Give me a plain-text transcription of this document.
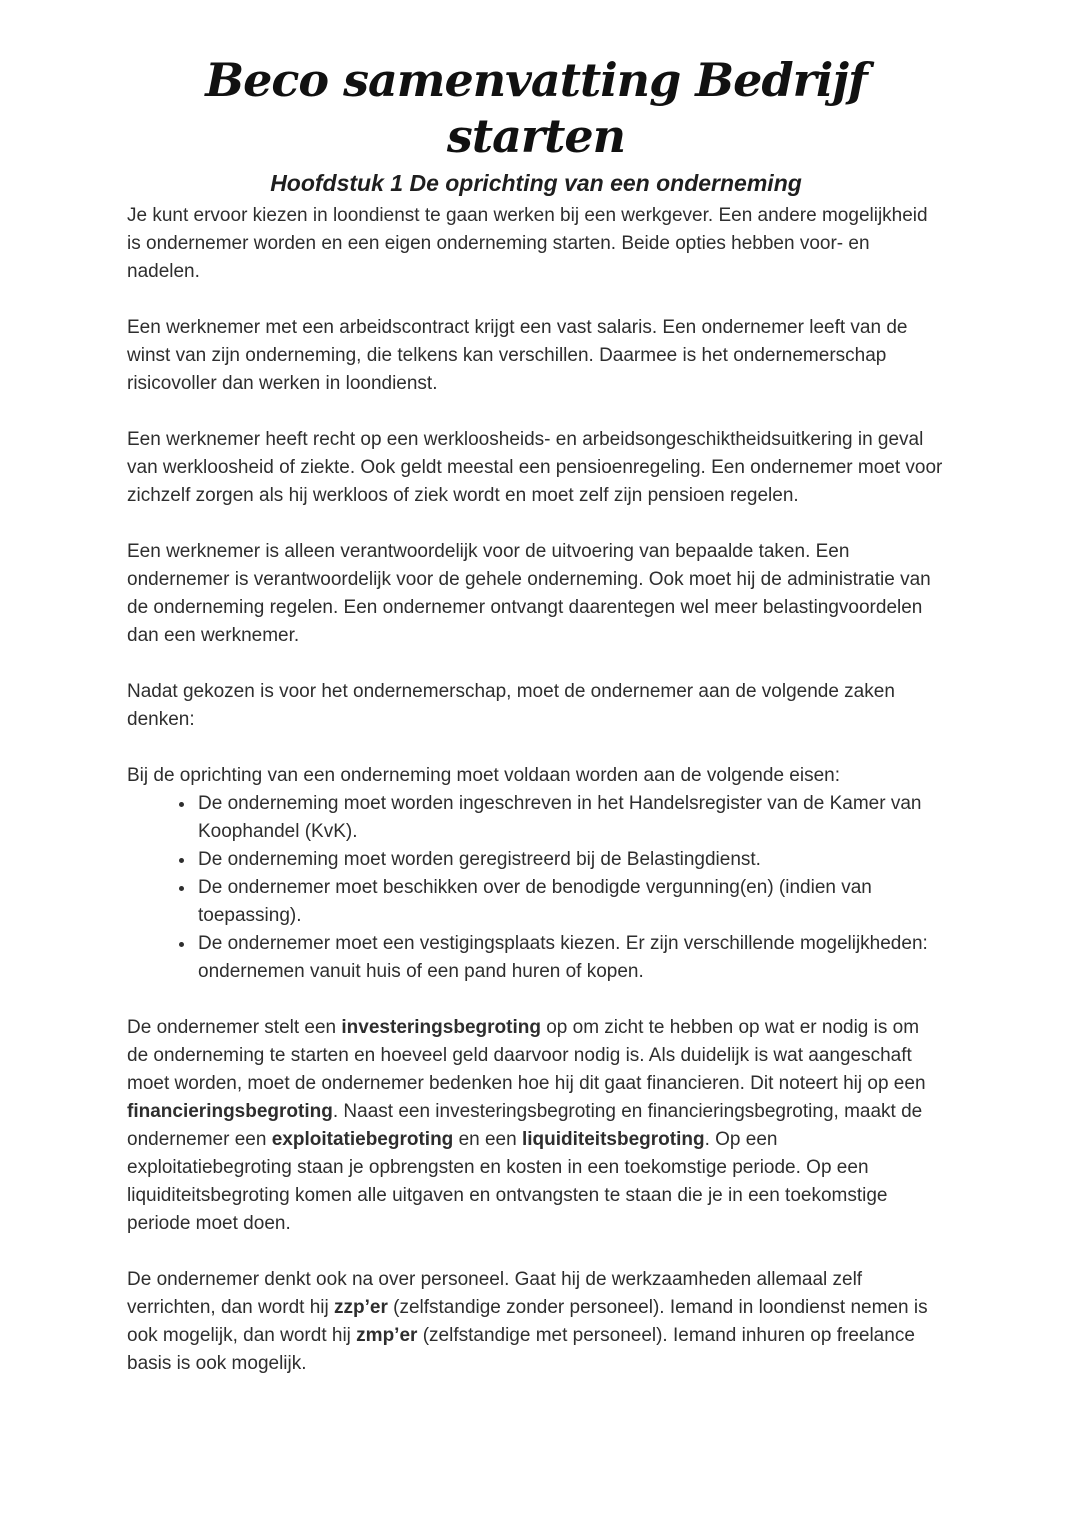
Beco samenvatting Bedrijf starten
Hoofdstuk 1 De oprichting van een onderneming

Je kunt ervoor kiezen in loondienst te gaan werken bij een werkgever. Een andere mogelijkheid is ondernemer worden en een eigen onderneming starten. Beide opties hebben voor- en nadelen.

Een werknemer met een arbeidscontract krijgt een vast salaris. Een ondernemer leeft van de winst van zijn onderneming, die telkens kan verschillen. Daarmee is het ondernemerschap risicovoller dan werken in loondienst.

Een werknemer heeft recht op een werkloosheids- en arbeidsongeschiktheidsuitkering in geval van werkloosheid of ziekte. Ook geldt meestal een pensioenregeling. Een ondernemer moet voor zichzelf zorgen als hij werkloos of ziek wordt en moet zelf zijn pensioen regelen.

Een werknemer is alleen verantwoordelijk voor de uitvoering van bepaalde taken. Een ondernemer is verantwoordelijk voor de gehele onderneming. Ook moet hij de administratie van de onderneming regelen. Een ondernemer ontvangt daarentegen wel meer belastingvoordelen dan een werknemer.

Nadat gekozen is voor het ondernemerschap, moet de ondernemer aan de volgende zaken denken:

Bij de oprichting van een onderneming moet voldaan worden aan de volgende eisen:

• De onderneming moet worden ingeschreven in het Handelsregister van de Kamer van Koophandel (KvK).
• De onderneming moet worden geregistreerd bij de Belastingdienst.
• De ondernemer moet beschikken over de benodigde vergunning(en) (indien van toepassing).
• De ondernemer moet een vestigingsplaats kiezen. Er zijn verschillende mogelijkheden: ondernemen vanuit huis of een pand huren of kopen.

De ondernemer stelt een investeringsbegroting op om zicht te hebben op wat er nodig is om de onderneming te starten en hoeveel geld daarvoor nodig is. Als duidelijk is wat aangeschaft moet worden, moet de ondernemer bedenken hoe hij dit gaat financieren. Dit noteert hij op een financieringsbegroting. Naast een investeringsbegroting en financieringsbegroting, maakt de ondernemer een exploitatiebegroting en een liquiditeitsbegroting. Op een exploitatiebegroting staan je opbrengsten en kosten in een toekomstige periode. Op een liquiditeitsbegroting komen alle uitgaven en ontvangsten te staan die je in een toekomstige periode moet doen.

De ondernemer denkt ook na over personeel. Gaat hij de werkzaamheden allemaal zelf verrichten, dan wordt hij zzp’er (zelfstandige zonder personeel). Iemand in loondienst nemen is ook mogelijk, dan wordt hij zmp’er (zelfstandige met personeel). Iemand inhuren op freelance basis is ook mogelijk.
